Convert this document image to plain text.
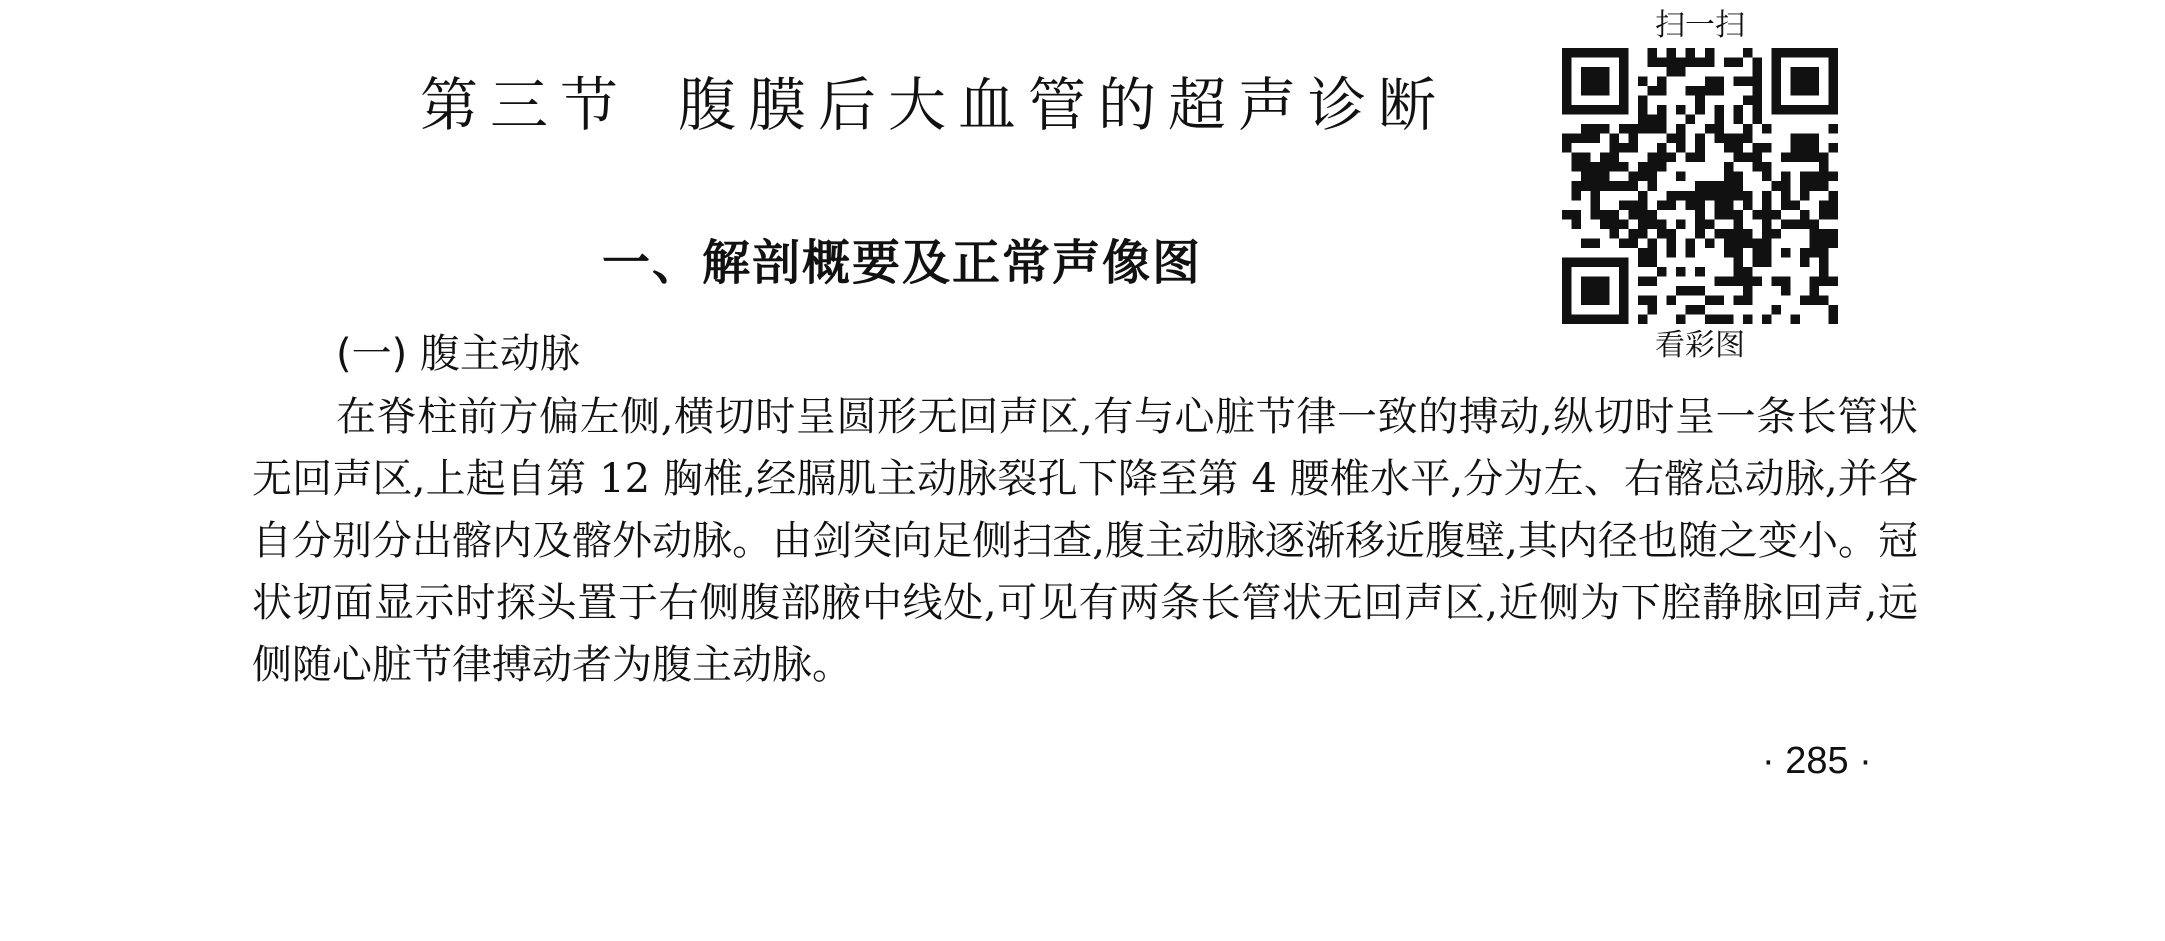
第三节 腹膜后大血管的超声诊断
一、解剖概要及正常声像图
(一) 腹主动脉

在脊柱前方偏左侧,横切时呈圆形无回声区,有与心脏节律一致的搏动,纵切时呈一条长管状无回声区,上起自第 12 胸椎,经膈肌主动脉裂孔下降至第 4 腰椎水平,分为左、右髂总动脉,并各自分别分出髂内及髂外动脉。由剑突向足侧扫查,腹主动脉逐渐移近腹壁,其内径也随之变小。冠状切面显示时探头置于右侧腹部腋中线处,可见有两条长管状无回声区,近侧为下腔静脉回声,远侧随心脏节律搏动者为腹主动脉。

扫一扫
看彩图
· 285 ·
